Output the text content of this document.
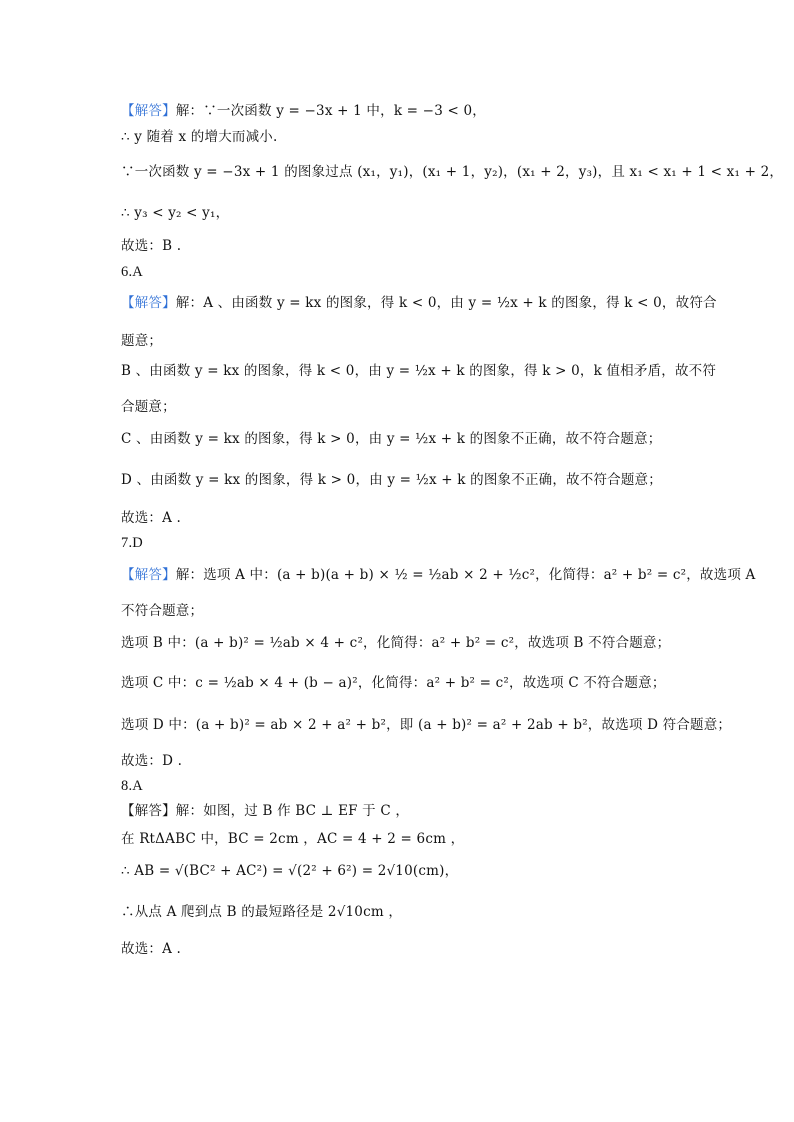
【解答】解：∵一次函数 y = −3x + 1 中，k = −3 < 0，
∴ y 随着 x 的增大而减小.
∵一次函数 y = −3x + 1 的图象过点 (x₁，y₁)，(x₁ + 1，y₂)，(x₁ + 2，y₃)，且 x₁ < x₁ + 1 < x₁ + 2，
∴ y₃ < y₂ < y₁，
故选：B .
6.A
【解答】解：A 、由函数 y = kx 的图象，得 k < 0，由 y = ½x + k 的图象，得 k < 0，故符合
题意；
B 、由函数 y = kx 的图象，得 k < 0，由 y = ½x + k 的图象，得 k > 0，k 值相矛盾，故不符
合题意；
C 、由函数 y = kx 的图象，得 k > 0，由 y = ½x + k 的图象不正确，故不符合题意；
D 、由函数 y = kx 的图象，得 k > 0，由 y = ½x + k 的图象不正确，故不符合题意；
故选：A .
7.D
【解答】解：选项 A 中：(a + b)(a + b) × ½ = ½ab × 2 + ½c²，化简得：a² + b² = c²，故选项 A
不符合题意；
选项 B 中：(a + b)² = ½ab × 4 + c²，化简得：a² + b² = c²，故选项 B 不符合题意；
选项 C 中：c = ½ab × 4 + (b − a)²，化简得：a² + b² = c²，故选项 C 不符合题意；
选项 D 中：(a + b)² = ab × 2 + a² + b²，即 (a + b)² = a² + 2ab + b²，故选项 D 符合题意；
故选：D .
8.A
【解答】解：如图，过 B 作 BC ⊥ EF 于 C ，
在 RtΔABC 中，BC = 2cm ，AC = 4 + 2 = 6cm ，
∴ AB = √(BC² + AC²) = √(2² + 6²) = 2√10(cm)，
∴从点 A 爬到点 B 的最短路径是 2√10cm ，
故选：A .
